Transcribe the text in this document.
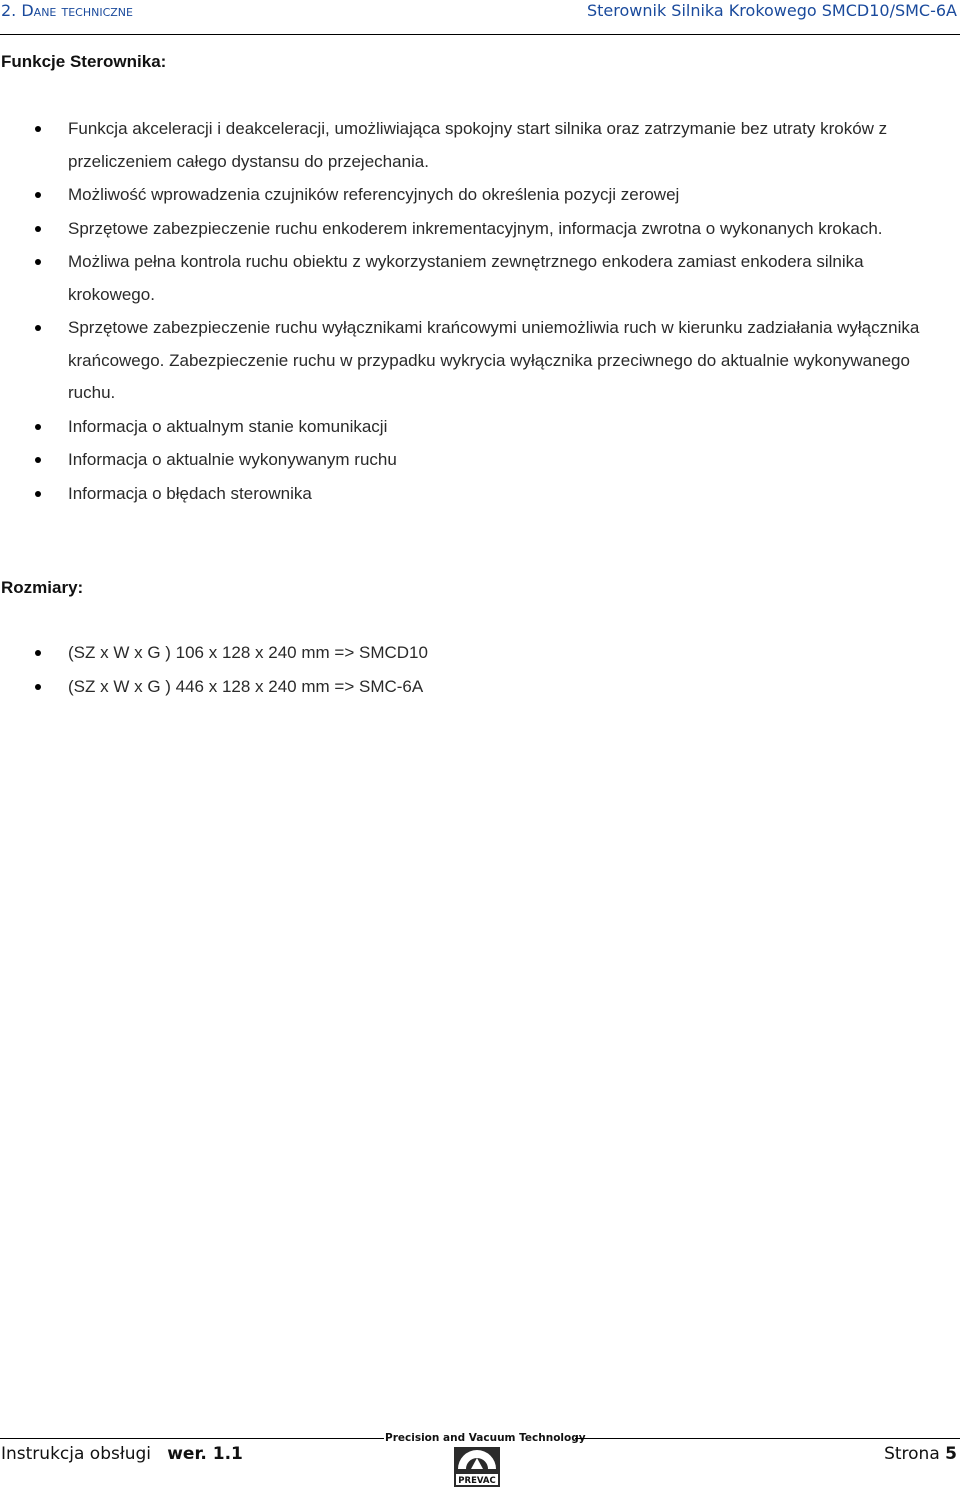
2. Dane techniczne	Sterownik Silnika Krokowego SMCD10/SMC-6A
Funkcje Sterownika:
Funkcja akceleracji i deakceleracji, umożliwiająca spokojny start silnika oraz zatrzymanie bez utraty kroków z przeliczeniem całego dystansu do przejechania.
Możliwość wprowadzenia czujników referencyjnych do określenia pozycji zerowej
Sprzętowe zabezpieczenie ruchu enkoderem inkrementacyjnym, informacja zwrotna o wykonanych krokach.
Możliwa pełna kontrola ruchu obiektu z wykorzystaniem zewnętrznego enkodera zamiast enkodera silnika krokowego.
Sprzętowe zabezpieczenie ruchu wyłącznikami krańcowymi uniemożliwia ruch w kierunku zadziałania wyłącznika krańcowego. Zabezpieczenie ruchu w przypadku wykrycia wyłącznika przeciwnego do aktualnie wykonywanego ruchu.
Informacja o aktualnym stanie komunikacji
Informacja o aktualnie wykonywanym ruchu
Informacja o błędach sterownika
Rozmiary:
(SZ x W x G ) 106 x 128 x 240 mm => SMCD10
(SZ x W x G ) 446 x 128 x 240 mm => SMC-6A
Precision and Vacuum Technology
Instrukcja obsługi wer. 1.1
PREVAC
Strona 5
